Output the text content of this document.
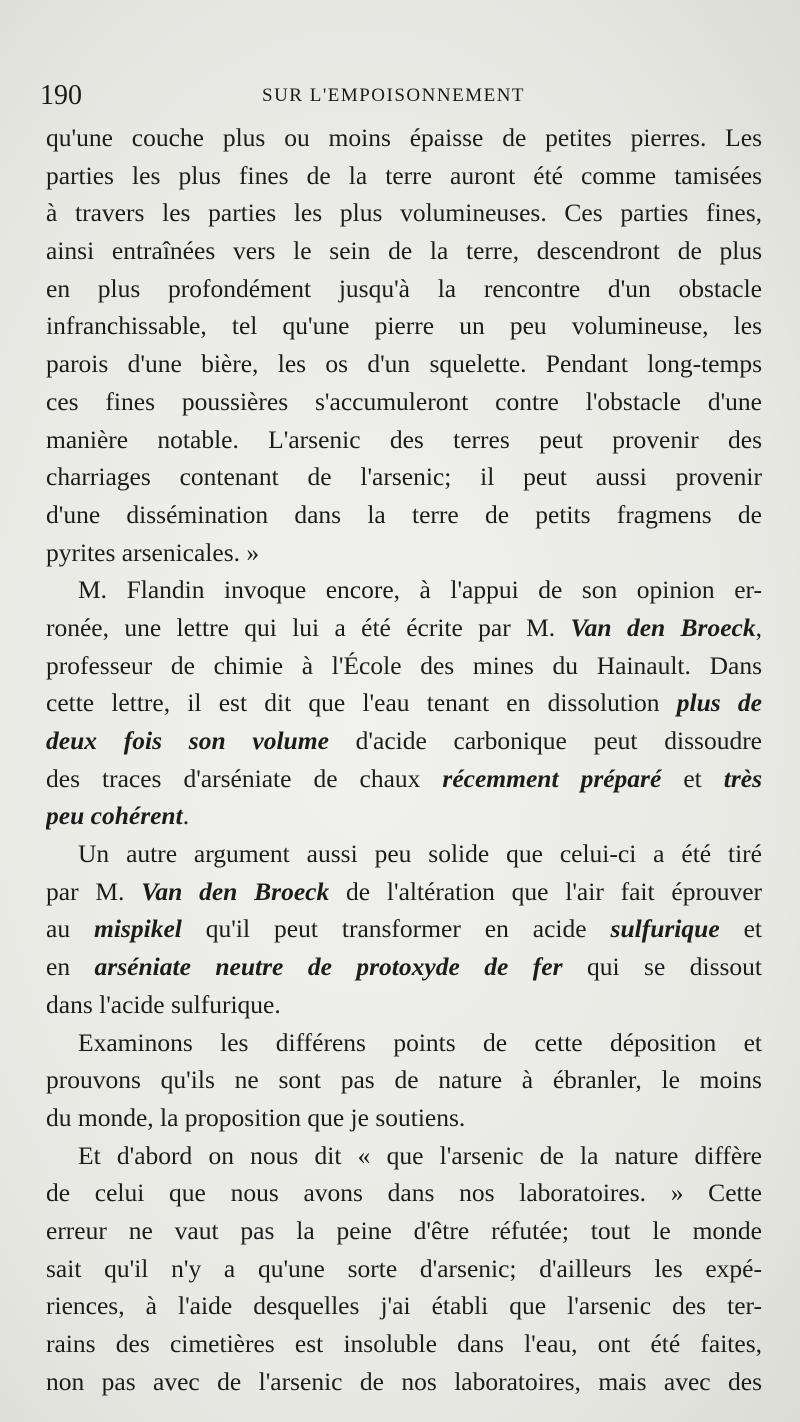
190	SUR L'EMPOISONNEMENT
qu'une couche plus ou moins épaisse de petites pierres. Les
parties les plus fines de la terre auront été comme tamisées
à travers les parties les plus volumineuses. Ces parties fines,
ainsi entraînées vers le sein de la terre, descendront de plus
en plus profondément jusqu'à la rencontre d'un obstacle
infranchissable, tel qu'une pierre un peu volumineuse, les
parois d'une bière, les os d'un squelette. Pendant long-temps
ces fines poussières s'accumuleront contre l'obstacle d'une
manière notable. L'arsenic des terres peut provenir des
charriages contenant de l'arsenic; il peut aussi provenir
d'une dissémination dans la terre de petits fragmens de
pyrites arsenicales. »
M. Flandin invoque encore, à l'appui de son opinion er-
ronée, une lettre qui lui a été écrite par M. Van den Broeck,
professeur de chimie à l'École des mines du Hainault. Dans
cette lettre, il est dit que l'eau tenant en dissolution plus de
deux fois son volume d'acide carbonique peut dissoudre
des traces d'arséniate de chaux récemment préparé et très
peu cohérent.
Un autre argument aussi peu solide que celui-ci a été tiré
par M. Van den Broeck de l'altération que l'air fait éprouver
au mispikel qu'il peut transformer en acide sulfurique et
en arséniate neutre de protoxyde de fer qui se dissout
dans l'acide sulfurique.
Examinons les différens points de cette déposition et
prouvons qu'ils ne sont pas de nature à ébranler, le moins
du monde, la proposition que je soutiens.
Et d'abord on nous dit « que l'arsenic de la nature diffère
de celui que nous avons dans nos laboratoires. » Cette
erreur ne vaut pas la peine d'être réfutée; tout le monde
sait qu'il n'y a qu'une sorte d'arsenic; d'ailleurs les expé-
riences, à l'aide desquelles j'ai établi que l'arsenic des ter-
rains des cimetières est insoluble dans l'eau, ont été faites,
non pas avec de l'arsenic de nos laboratoires, mais avec des
